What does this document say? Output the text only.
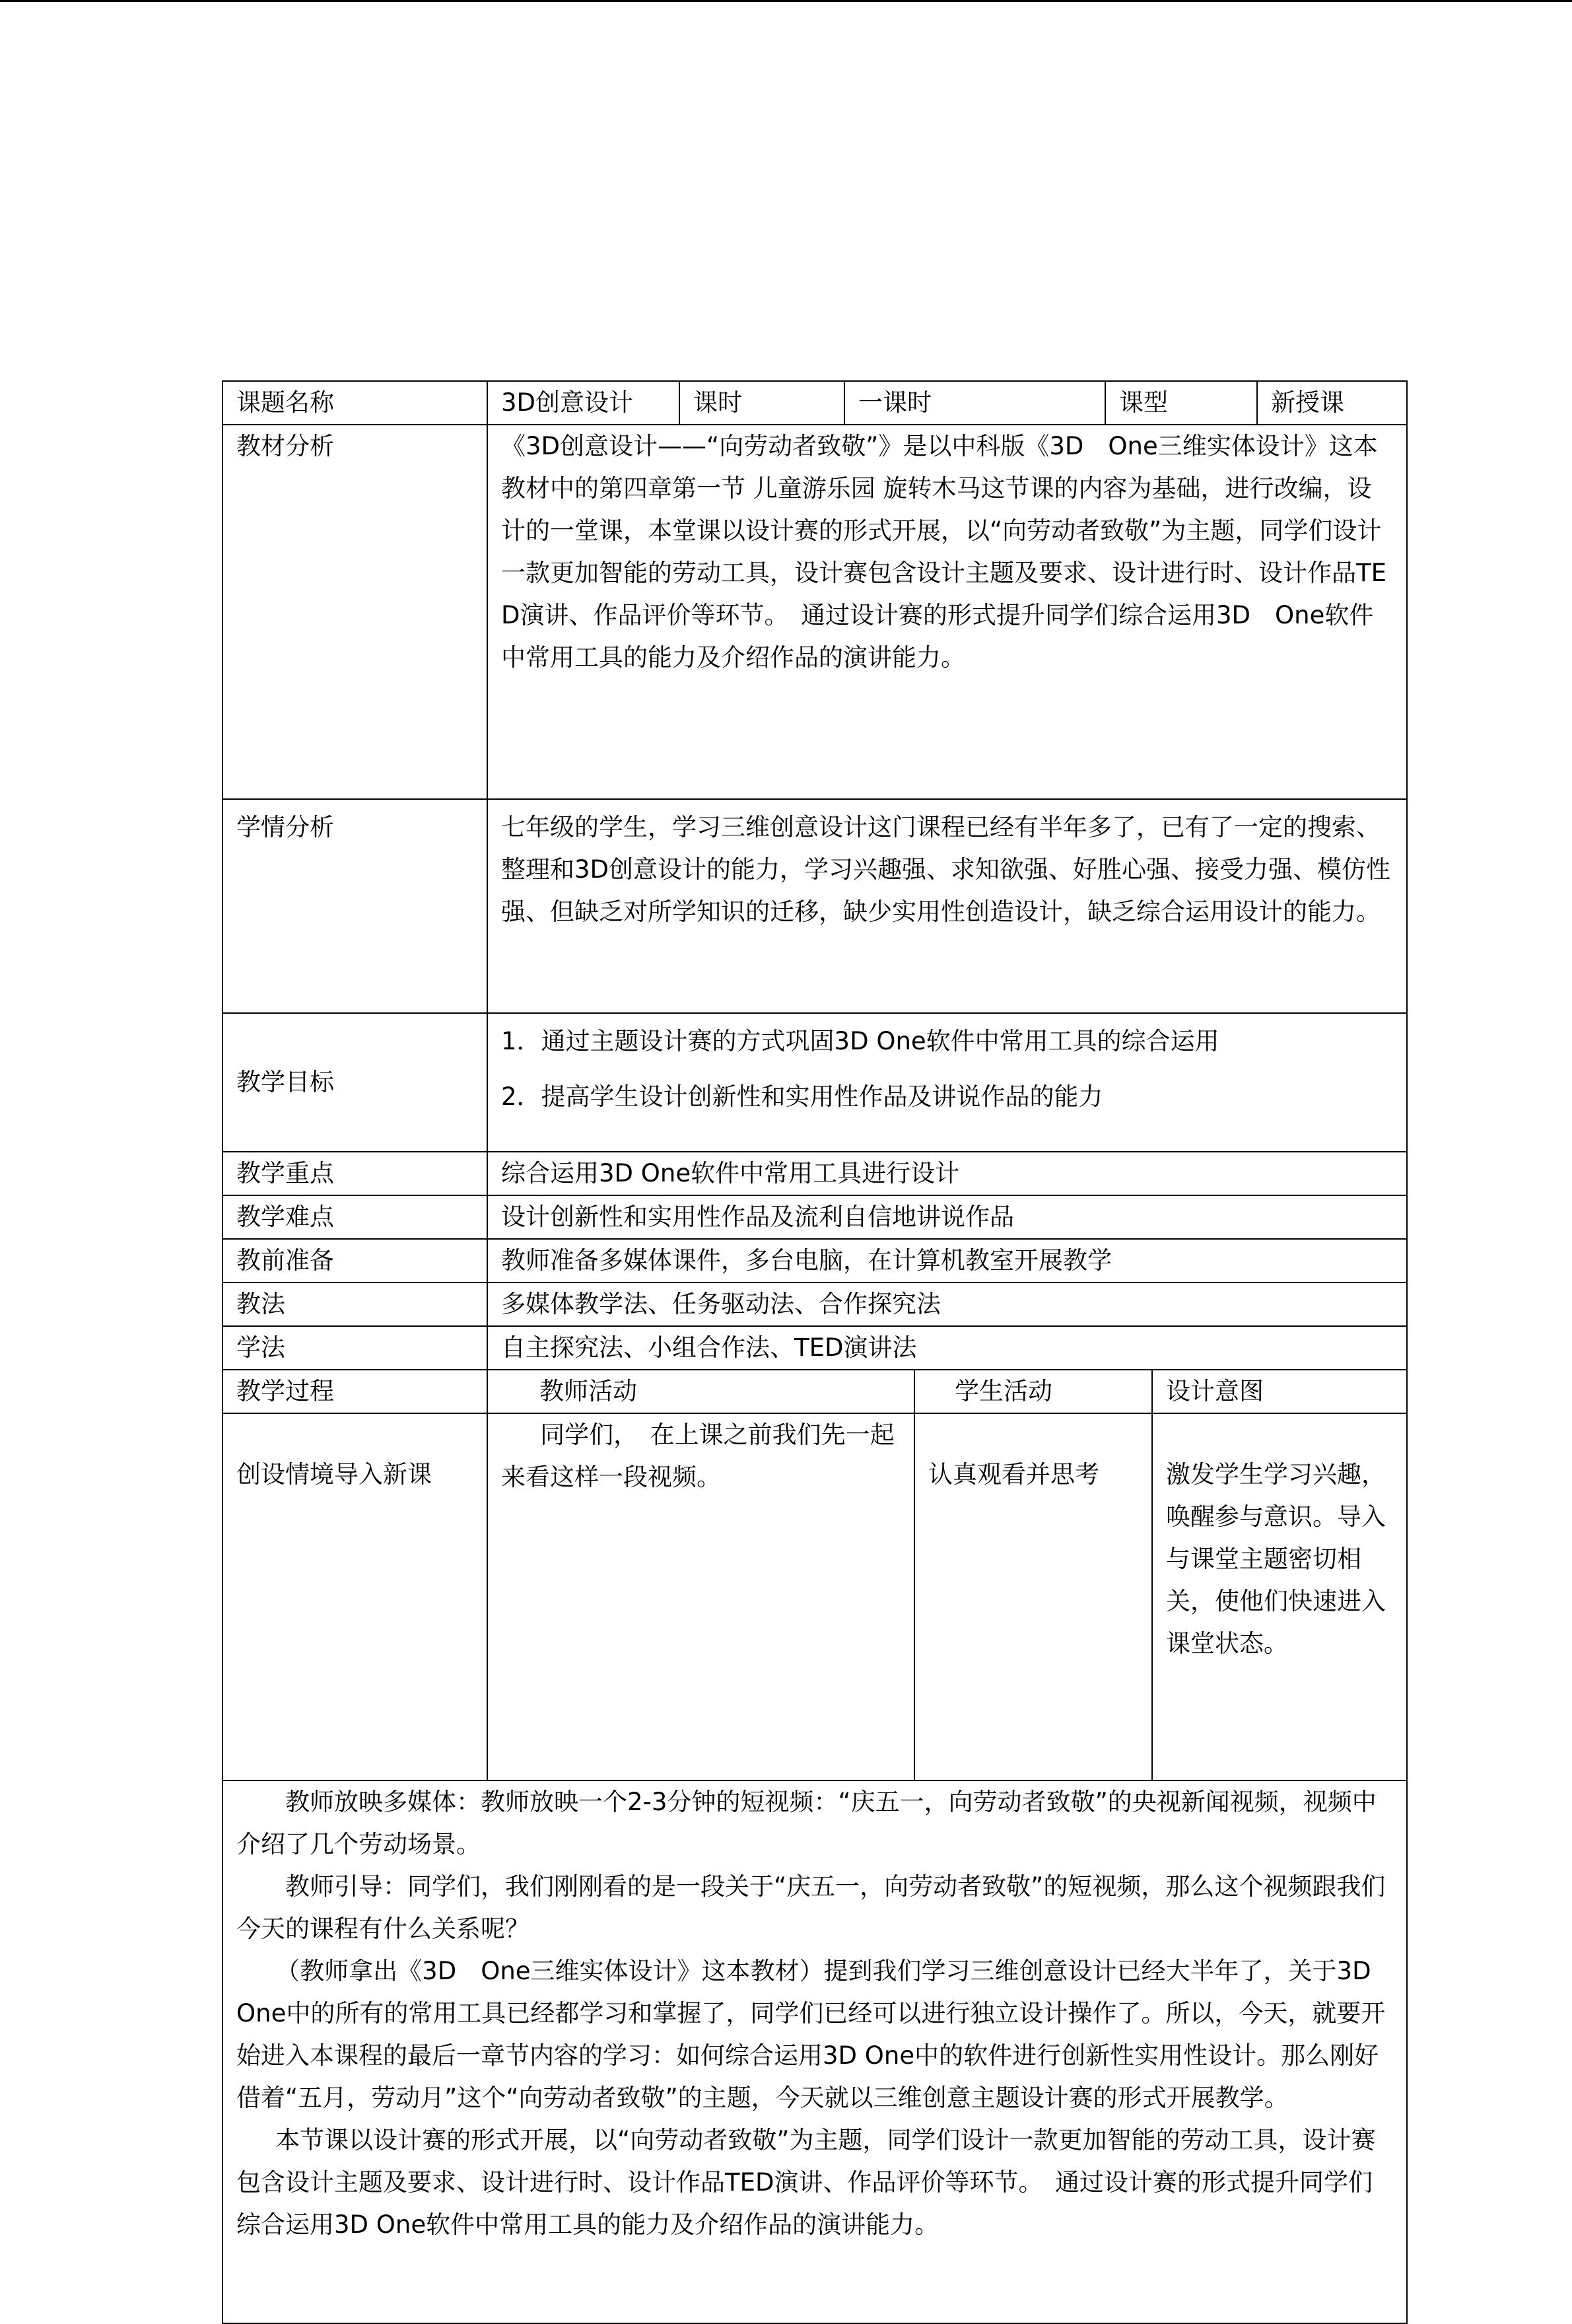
课题名称	3D创意设计	课时	一课时	课型	新授课
教材分析	《3D创意设计——“向劳动者致敬”》是以中科版《3D　One三维实体设计》这本教材中的第四章第一节 儿童游乐园 旋转木马这节课的内容为基础，进行改编，设计的一堂课，本堂课以设计赛的形式开展，以“向劳动者致敬”为主题，同学们设计一款更加智能的劳动工具，设计赛包含设计主题及要求、设计进行时、设计作品TED演讲、作品评价等环节。　通过设计赛的形式提升同学们综合运用3D　One软件中常用工具的能力及介绍作品的演讲能力。				

学情分析	七年级的学生，学习三维创意设计这门课程已经有半年多了，已有了一定的搜索、整理和3D创意设计的能力，学习兴趣强、求知欲强、好胜心强、接受力强、模仿性强、但缺乏对所学知识的迁移，缺少实用性创造设计，缺乏综合运用设计的能力。				

教学目标	1．通过主题设计赛的方式巩固3D One软件中常用工具的综合运用

2．提高学生设计创新性和实用性作品及讲说作品的能力				

教学重点	综合运用3D One软件中常用工具进行设计				
教学难点	设计创新性和实用性作品及流利自信地讲说作品				
教前准备	教师准备多媒体课件，多台电脑，在计算机教室开展教学				
教法	多媒体教学法、任务驱动法、合作探究法				
学法	自主探究法、小组合作法、TED演讲法				
教学过程	教师活动	学生活动	设计意图
创设情境导入新课	同学们，　在上课之前我们先一起来看这样一段视频。	认真观看并思考	激发学生学习兴趣，唤醒参与意识。导入与课堂主题密切相关，使他们快速进入课堂状态。

教师放映多媒体：教师放映一个2-3分钟的短视频：“庆五一，向劳动者致敬”的央视新闻视频，视频中介绍了几个劳动场景。

教师引导：同学们，我们刚刚看的是一段关于“庆五一，向劳动者致敬”的短视频，那么这个视频跟我们今天的课程有什么关系呢？

（教师拿出《3D　One三维实体设计》这本教材）提到我们学习三维创意设计已经大半年了，关于3D One中的所有的常用工具已经都学习和掌握了，同学们已经可以进行独立设计操作了。所以，今天，就要开始进入本课程的最后一章节内容的学习：如何综合运用3D One中的软件进行创新性实用性设计。那么刚好借着“五月，劳动月”这个“向劳动者致敬”的主题，今天就以三维创意主题设计赛的形式开展教学。

本节课以设计赛的形式开展，以“向劳动者致敬”为主题，同学们设计一款更加智能的劳动工具，设计赛包含设计主题及要求、设计进行时、设计作品TED演讲、作品评价等环节。　通过设计赛的形式提升同学们综合运用3D One软件中常用工具的能力及介绍作品的演讲能力。			
